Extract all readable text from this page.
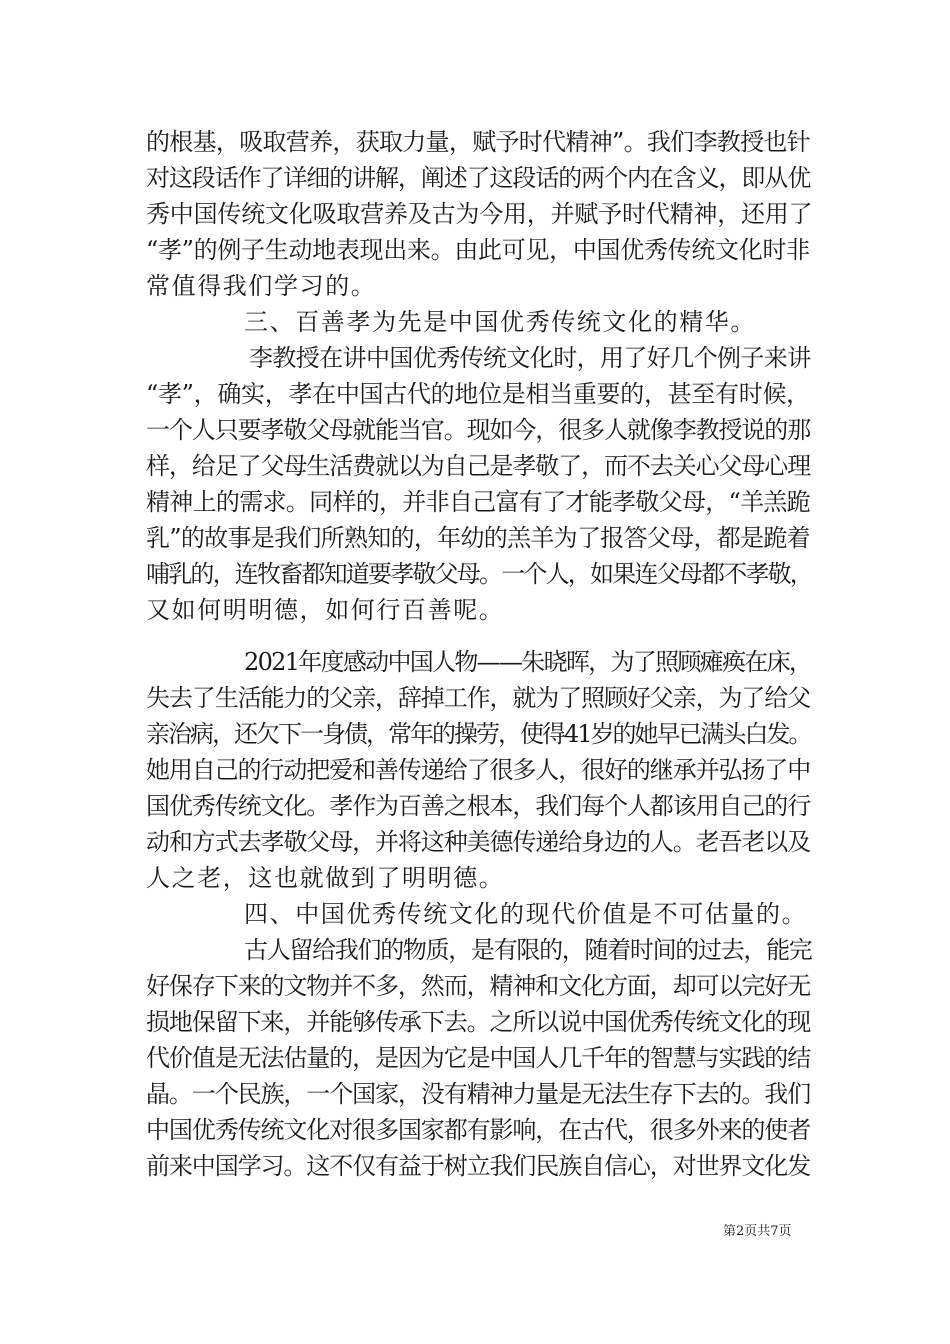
的根基，吸取营养，获取力量，赋予时代精神”。我们李教授也针
对这段话作了详细的讲解，阐述了这段话的两个内在含义，即从优
秀中国传统文化吸取营养及古为今用，并赋予时代精神，还用了
“孝”的例子生动地表现出来。由此可见，中国优秀传统文化时非
常值得我们学习的。
三、百善孝为先是中国优秀传统文化的精华。
李教授在讲中国优秀传统文化时，用了好几个例子来讲
“孝”，确实，孝在中国古代的地位是相当重要的，甚至有时候，
一个人只要孝敬父母就能当官。现如今，很多人就像李教授说的那
样，给足了父母生活费就以为自己是孝敬了，而不去关心父母心理
精神上的需求。同样的，并非自己富有了才能孝敬父母，“羊羔跪
乳”的故事是我们所熟知的，年幼的羔羊为了报答父母，都是跪着
哺乳的，连牧畜都知道要孝敬父母。一个人，如果连父母都不孝敬，
又如何明明德，如何行百善呢。
2021年度感动中国人物——朱晓晖，为了照顾瘫痪在床，
失去了生活能力的父亲，辞掉工作，就为了照顾好父亲，为了给父
亲治病，还欠下一身债，常年的操劳，使得41岁的她早已满头白发。
她用自己的行动把爱和善传递给了很多人，很好的继承并弘扬了中
国优秀传统文化。孝作为百善之根本，我们每个人都该用自己的行
动和方式去孝敬父母，并将这种美德传递给身边的人。老吾老以及
人之老，这也就做到了明明德。
四、中国优秀传统文化的现代价值是不可估量的。
古人留给我们的物质，是有限的，随着时间的过去，能完
好保存下来的文物并不多，然而，精神和文化方面，却可以完好无
损地保留下来，并能够传承下去。之所以说中国优秀传统文化的现
代价值是无法估量的，是因为它是中国人几千年的智慧与实践的结
晶。一个民族，一个国家，没有精神力量是无法生存下去的。我们
中国优秀传统文化对很多国家都有影响，在古代，很多外来的使者
前来中国学习。这不仅有益于树立我们民族自信心，对世界文化发
第2页共7页
